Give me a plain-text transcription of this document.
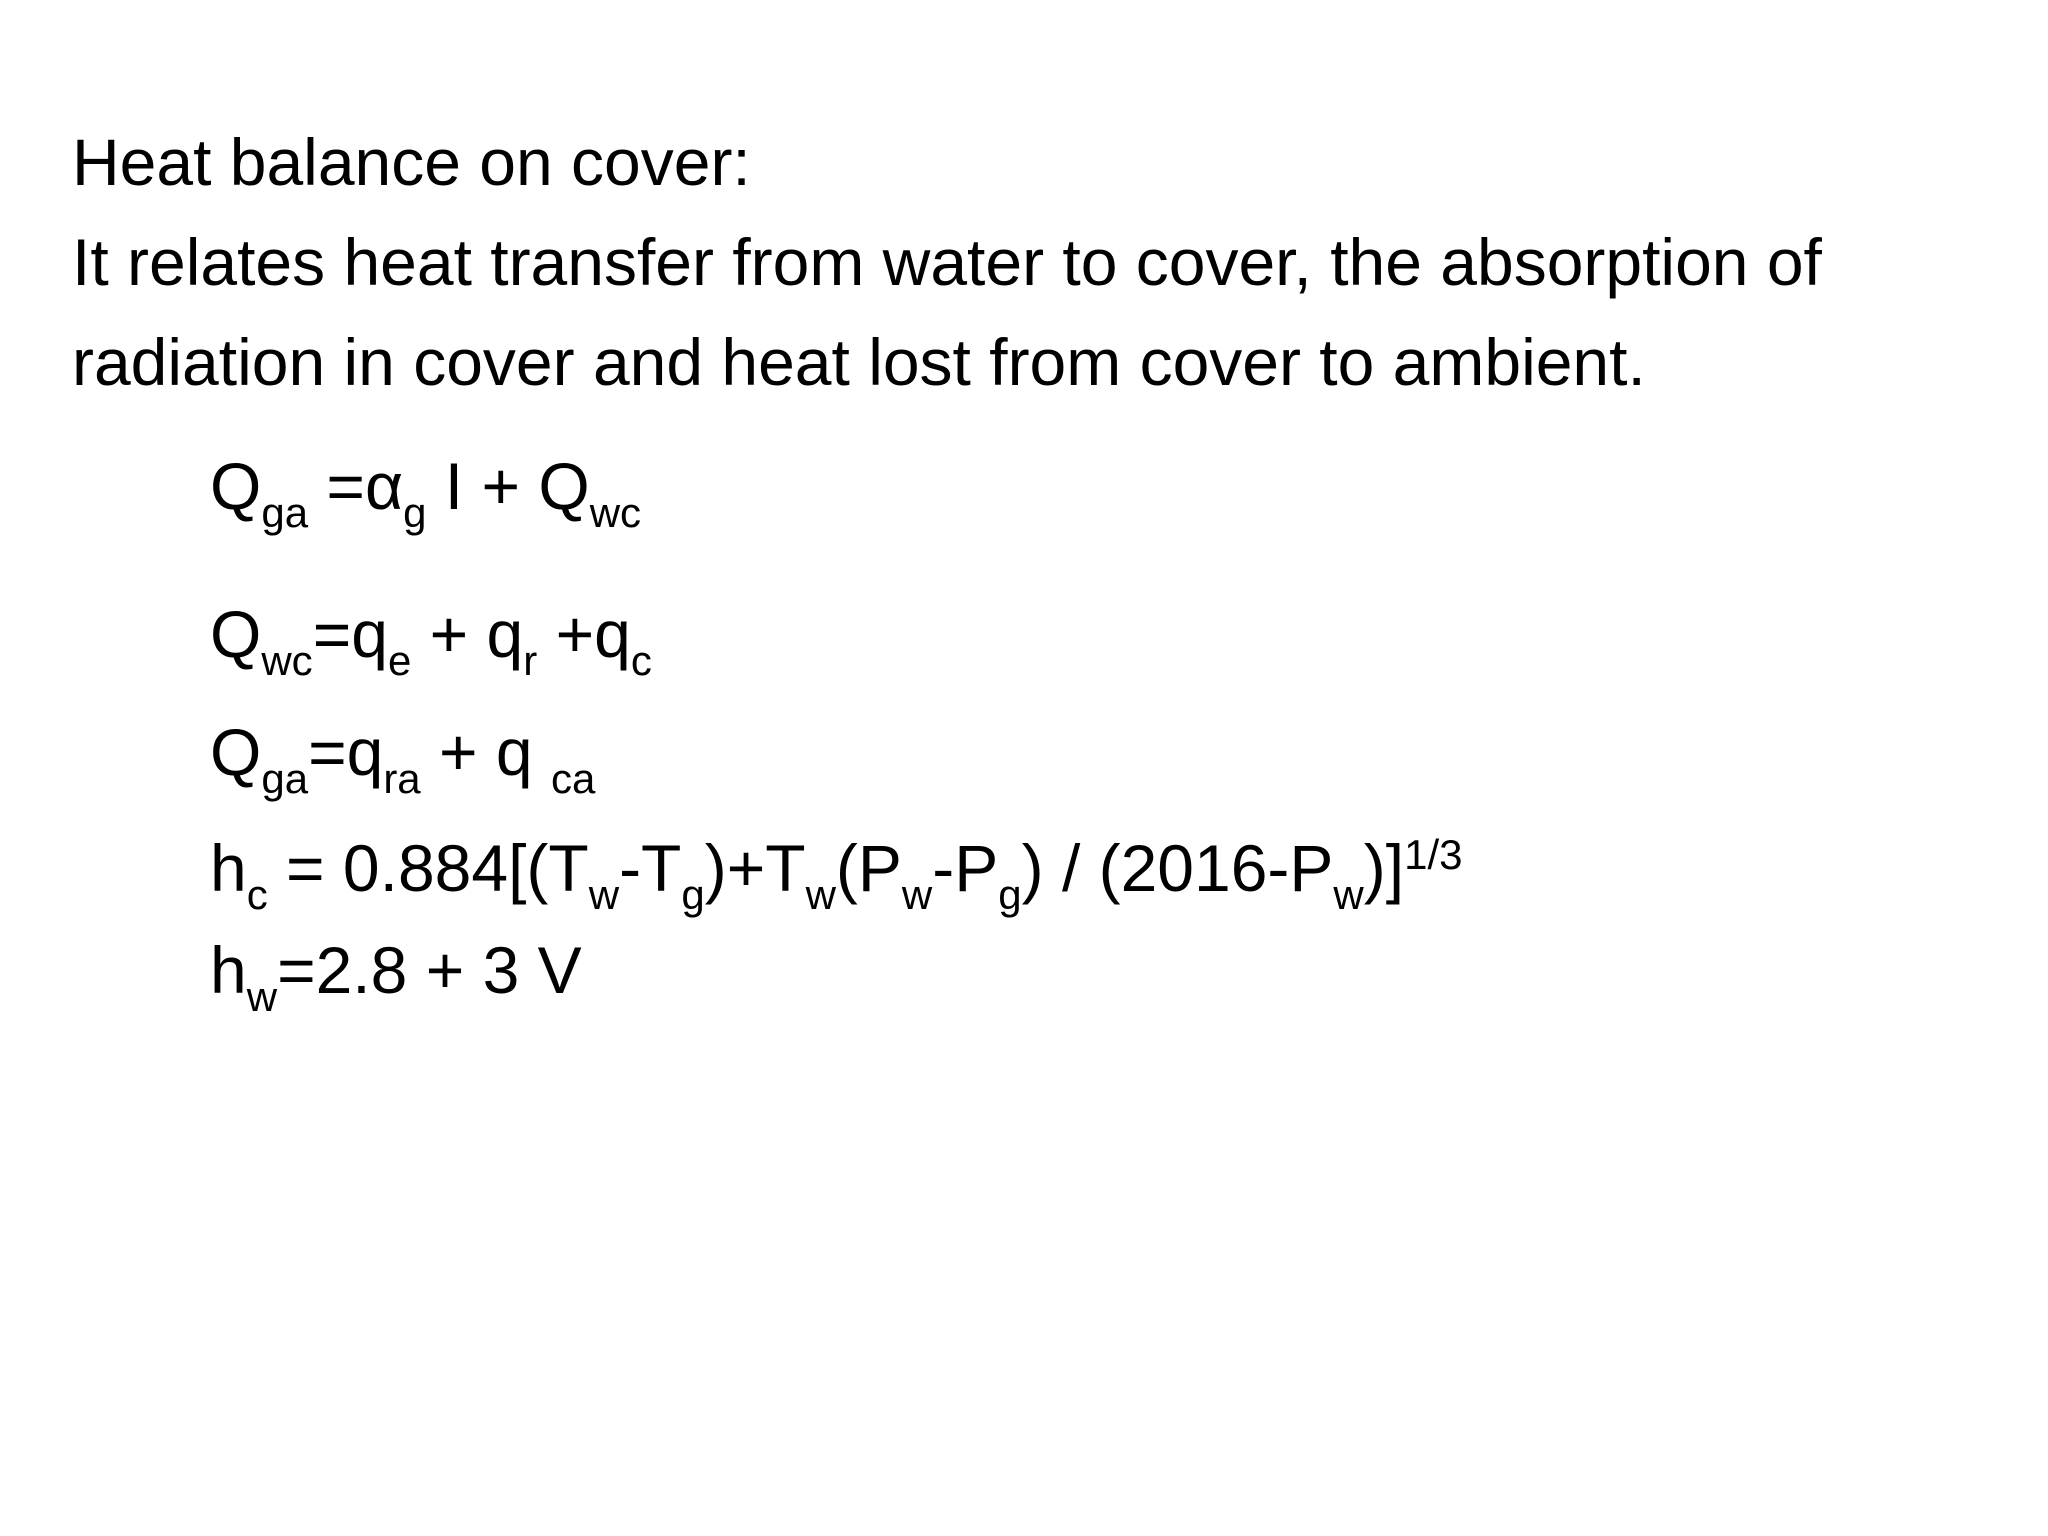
Heat balance on cover:
It relates heat transfer from water to cover, the absorption of
radiation in cover and heat lost from cover to ambient.
$Q_{ga} =\alpha_g$ $I + Q_{wc}$
$Q_{wc}=q_e + q_r +q_c$
$Q_{ga}=q_{ra} + q$ $_{ca}$
$h_c = 0.884[(T_w-T_g)+T_w(P_w-P_g) / (2016-P_w)]^{1/3}$
$h_w=2.8 + 3$ V
